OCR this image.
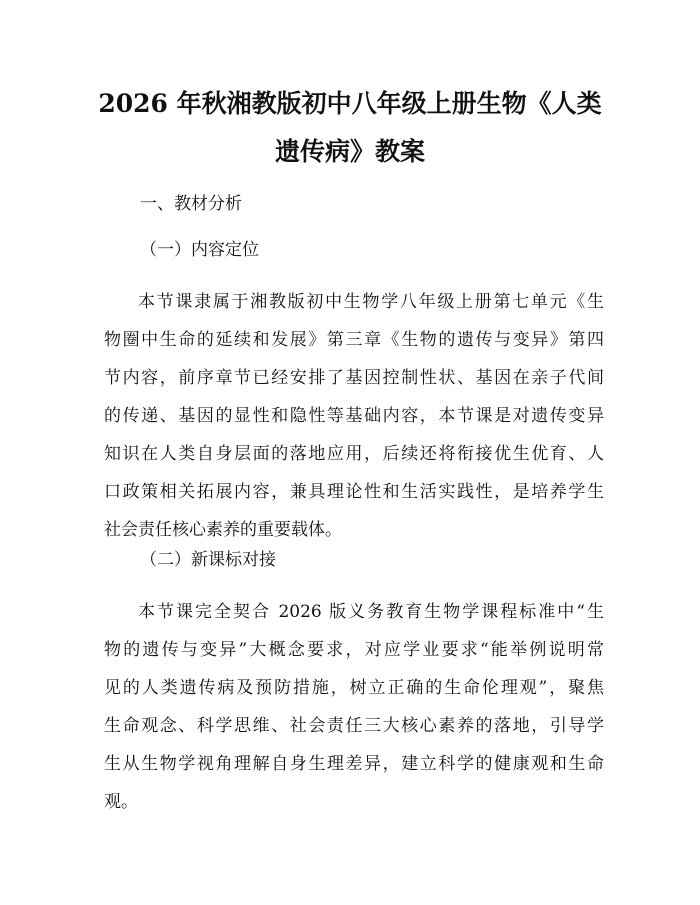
2026 年秋湘教版初中八年级上册生物《人类
遗传病》教案

一、教材分析

（一）内容定位

本节课隶属于湘教版初中生物学八年级上册第七单元《生
物圈中生命的延续和发展》第三章《生物的遗传与变异》第四
节内容，前序章节已经安排了基因控制性状、基因在亲子代间
的传递、基因的显性和隐性等基础内容，本节课是对遗传变异
知识在人类自身层面的落地应用，后续还将衔接优生优育、人
口政策相关拓展内容，兼具理论性和生活实践性，是培养学生
社会责任核心素养的重要载体。

（二）新课标对接

本节课完全契合 2026 版义务教育生物学课程标准中“生
物的遗传与变异”大概念要求，对应学业要求“能举例说明常
见的人类遗传病及预防措施，树立正确的生命伦理观”，聚焦
生命观念、科学思维、社会责任三大核心素养的落地，引导学
生从生物学视角理解自身生理差异，建立科学的健康观和生命
观。
